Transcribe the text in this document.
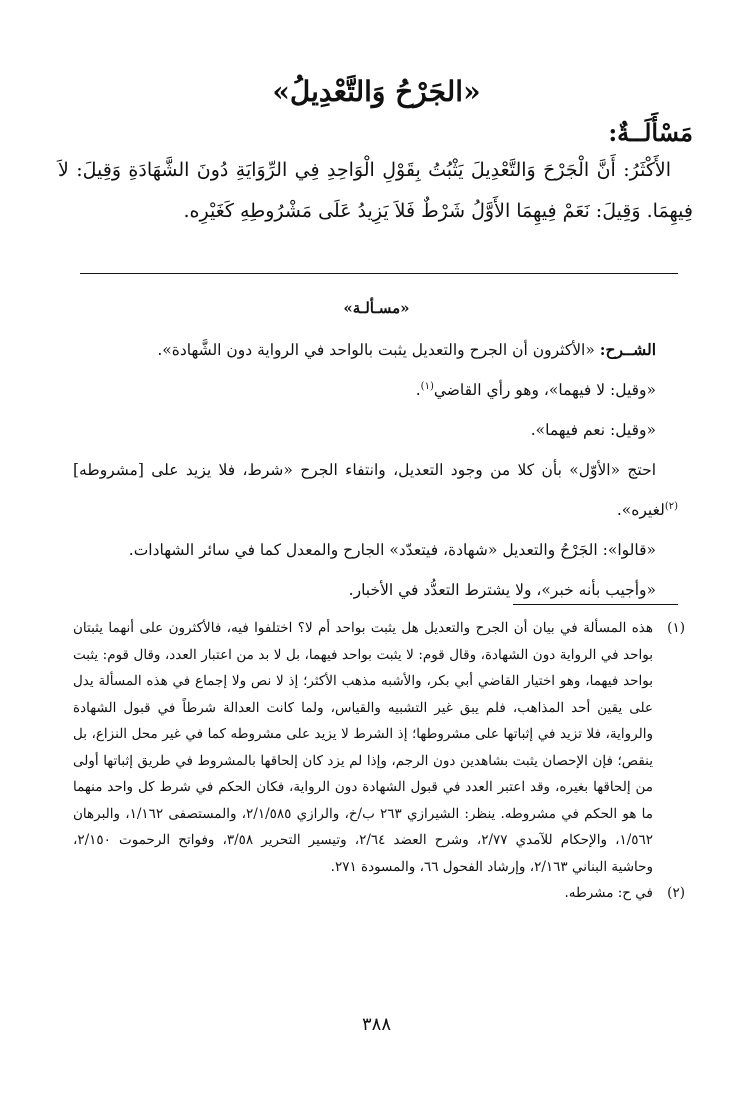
«الجَرْحُ وَالتَّعْدِيلُ»
مَسْأَلَــةٌ:
الأَكْثَرُ: أَنَّ الْجَرْحَ وَالتَّعْدِيلَ يَثْبُتُ بِقَوْلِ الْوَاحِدِ فِي الرِّوَايَةِ دُونَ الشَّهَادَةِ وَقِيلَ: لاَ فِيهِمَا. وَقِيلَ: نَعَمْ فِيهِمَا الأَوَّلُ شَرْطٌ فَلاَ يَزِيدُ عَلَى مَشْرُوطِهِ كَغَيْرِه.
«مسـألـة»

الشــرح: «الأكثرون أن الجرح والتعديل يثبت بالواحد في الرواية دون الشَّهادة».

«وقيل: لا فيهما»، وهو رأي القاضي$^{(١)}$.

«وقيل: نعم فيهما».

احتج «الأوّل» بأن كلا من وجود التعديل، وانتفاء الجرح «شرط، فلا يزيد على [مشروطه]$^{(٢)}$لغيره».

«قالوا»: الجَرْحُ والتعديل «شهادة، فيتعدّد» الجارح والمعدل كما في سائر الشهادات.

«وأجيب بأنه خبر»، ولا يشترط التعدُّد في الأخبار.

(١)
هذه المسألة في بيان أن الجرح والتعديل هل يثبت بواحد أم لا؟ اختلفوا فيه، فالأكثرون على أنهما يثبتان بواحد في الرواية دون الشهادة، وقال قوم: لا يثبت بواحد فيهما، بل لا بد من اعتبار العدد، وقال قوم: يثبت بواحد فيهما، وهو اختيار القاضي أبي بكر، والأشبه مذهب الأكثر؛ إذ لا نص ولا إجماع في هذه المسألة يدل على يقين أحد المذاهب، فلم يبق غير التشبيه والقياس، ولما كانت العدالة شرطاً في قبول الشهادة والرواية، فلا تزيد في إثباتها على مشروطها؛ إذ الشرط لا يزيد على مشروطه كما في غير محل النزاع، بل ينقص؛ فإن الإحصان يثبت بشاهدين دون الرجم، وإذا لم يزد كان إلحاقها بالمشروط في طريق إثباتها أولى من إلحاقها بغيره، وقد اعتبر العدد في قبول الشهادة دون الرواية، فكان الحكم في شرط كل واحد منهما ما هو الحكم في مشروطه. ينظر: الشيرازي ٢٦٣ ب/خ، والرازي ٢/١/٥٨٥، والمستصفى ١/١٦٢، والبرهان ١/٥٦٢، والإحكام للآمدي ٢/٧٧، وشرح العضد ٢/٦٤، وتيسير التحرير ٣/٥٨، وفواتح الرحموت ٢/١٥٠، وحاشية البناني ٢/١٦٣، وإرشاد الفحول ٦٦، والمسودة ٢٧١.
(٢)
في ح: مشرطه.
٣٨٨
